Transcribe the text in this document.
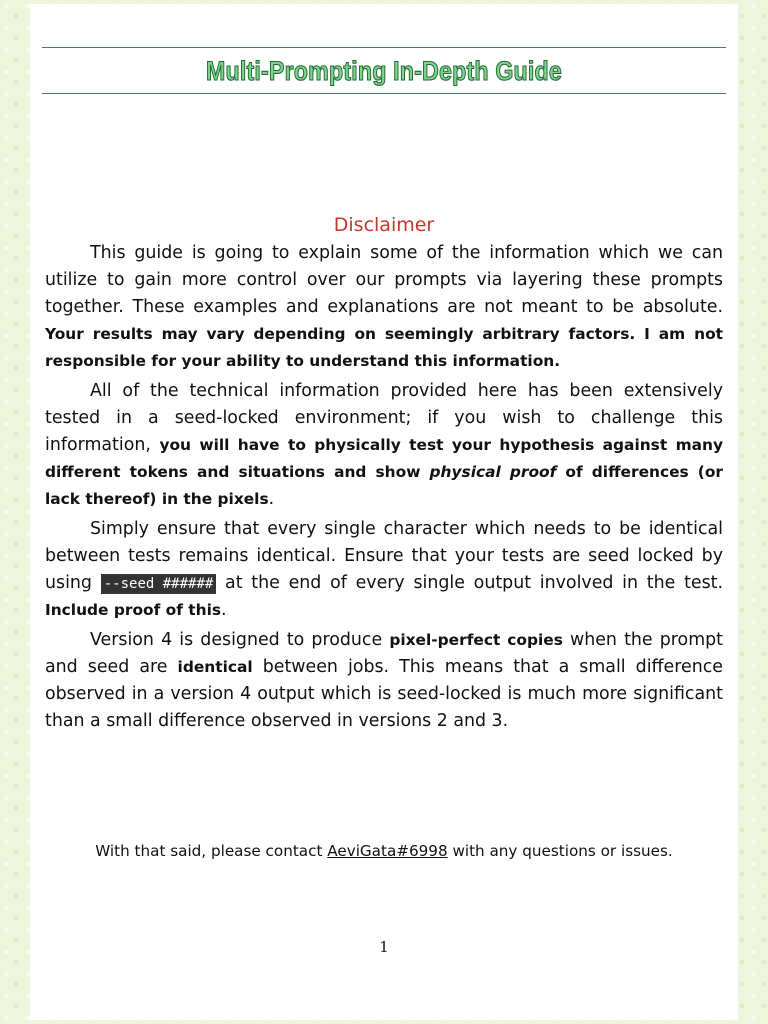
Multi-Prompting In-Depth Guide
Disclaimer

This guide is going to explain some of the information which we can utilize to gain more control over our prompts via layering these prompts together. These examples and explanations are not meant to be absolute. Your results may vary depending on seemingly arbitrary factors. I am not responsible for your ability to understand this information.

All of the technical information provided here has been extensively tested in a seed-locked environment; if you wish to challenge this information, you will have to physically test your hypothesis against many different tokens and situations and show physical proof of differences (or lack thereof) in the pixels.

Simply ensure that every single character which needs to be identical between tests remains identical. Ensure that your tests are seed locked by using --seed ###### at the end of every single output involved in the test. Include proof of this.

Version 4 is designed to produce pixel-perfect copies when the prompt and seed are identical between jobs. This means that a small difference observed in a version 4 output which is seed-locked is much more significant than a small difference observed in versions 2 and 3.

With that said, please contact AeviGata#6998 with any questions or issues.
1
